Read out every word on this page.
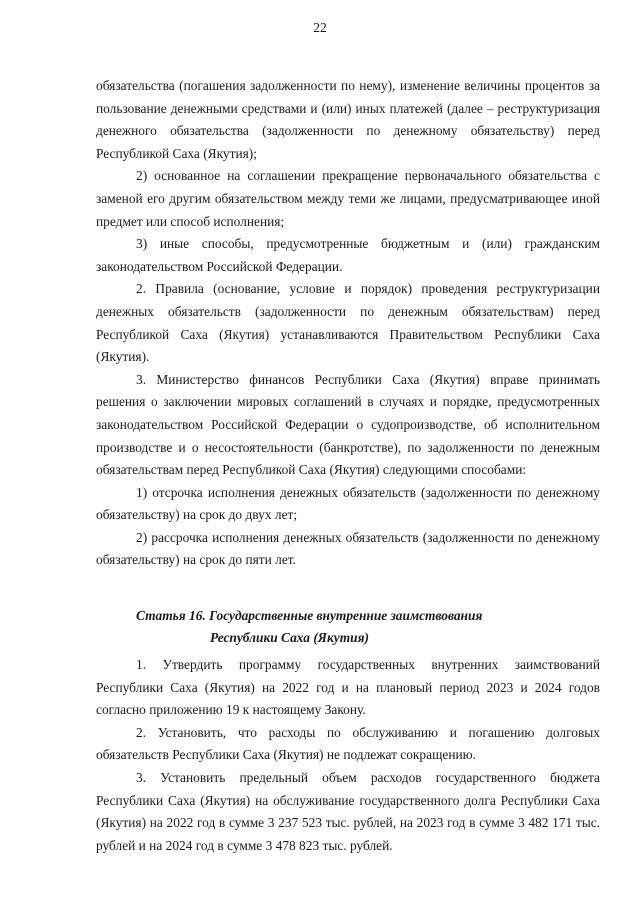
22

обязательства (погашения задолженности по нему), изменение величины процентов за пользование денежными средствами и (или) иных платежей (далее – реструктуризация денежного обязательства (задолженности по денежному обязательству) перед Республикой Саха (Якутия);

2) основанное на соглашении прекращение первоначального обязательства с заменой его другим обязательством между теми же лицами, предусматривающее иной предмет или способ исполнения;

3) иные способы, предусмотренные бюджетным и (или) гражданским законодательством Российской Федерации.

2. Правила (основание, условие и порядок) проведения реструктуризации денежных обязательств (задолженности по денежным обязательствам) перед Республикой Саха (Якутия) устанавливаются Правительством Республики Саха (Якутия).

3. Министерство финансов Республики Саха (Якутия) вправе принимать решения о заключении мировых соглашений в случаях и порядке, предусмотренных законодательством Российской Федерации о судопроизводстве, об исполнительном производстве и о несостоятельности (банкротстве), по задолженности по денежным обязательствам перед Республикой Саха (Якутия) следующими способами:

1) отсрочка исполнения денежных обязательств (задолженности по денежному обязательству) на срок до двух лет;

2) рассрочка исполнения денежных обязательств (задолженности по денежному обязательству) на срок до пяти лет.

Статья 16. Государственные внутренние заимствования
Республики Саха (Якутия)

1. Утвердить программу государственных внутренних заимствований Республики Саха (Якутия) на 2022 год и на плановый период 2023 и 2024 годов согласно приложению 19 к настоящему Закону.

2. Установить, что расходы по обслуживанию и погашению долговых обязательств Республики Саха (Якутия) не подлежат сокращению.

3. Установить предельный объем расходов государственного бюджета Республики Саха (Якутия) на обслуживание государственного долга Республики Саха (Якутия) на 2022 год в сумме 3 237 523 тыс. рублей, на 2023 год в сумме 3 482 171 тыс. рублей и на 2024 год в сумме 3 478 823 тыс. рублей.
